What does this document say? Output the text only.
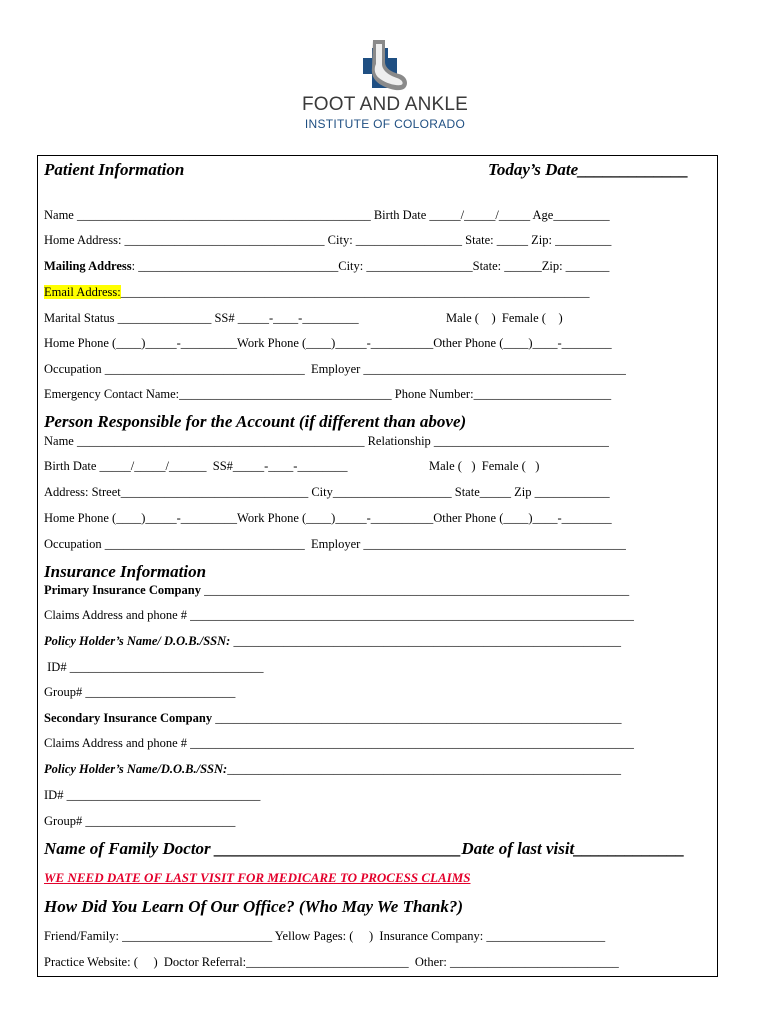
FOOT AND ANKLE
INSTITUTE OF COLORADO
Patient Information	Today’s Date_____________
Name _______________________________________________ Birth Date _____/_____/_____ Age_________
Home Address: ________________________________ City: _________________ State: _____ Zip: _________
Mailing Address: ________________________________City: _________________State: ______Zip: _______
Email Address:___________________________________________________________________________
Marital Status _______________ SS# _____-____-_________	Male (    )  Female (    )
Home Phone (____)_____-_________Work Phone (____)_____-__________Other Phone (____)____-________
Occupation ________________________________  Employer __________________________________________
Emergency Contact Name:__________________________________ Phone Number:______________________
Person Responsible for the Account (if different than above)
Name ______________________________________________ Relationship ____________________________
Birth Date _____/_____/______  SS#_____-____-________	Male (   )  Female (   )
Address: Street______________________________ City___________________ State_____ Zip ____________
Home Phone (____)_____-_________Work Phone (____)_____-__________Other Phone (____)____-________
Occupation ________________________________  Employer __________________________________________
Insurance Information
Primary Insurance Company ____________________________________________________________________
Claims Address and phone # _______________________________________________________________________
Policy Holder’s Name/ D.O.B./SSN: ______________________________________________________________
ID# _______________________________
Group# ________________________
Secondary Insurance Company _________________________________________________________________
Claims Address and phone # _______________________________________________________________________
Policy Holder’s Name/D.O.B./SSN:_______________________________________________________________
ID# _______________________________
Group# ________________________
Name of Family Doctor _____________________________Date of last visit_____________
WE NEED DATE OF LAST VISIT FOR MEDICARE TO PROCESS CLAIMS
How Did You Learn Of Our Office? (Who May We Thank?)
Friend/Family: ________________________ Yellow Pages: (     )  Insurance Company: ___________________
Practice Website: (     )  Doctor Referral:__________________________  Other: ___________________________
